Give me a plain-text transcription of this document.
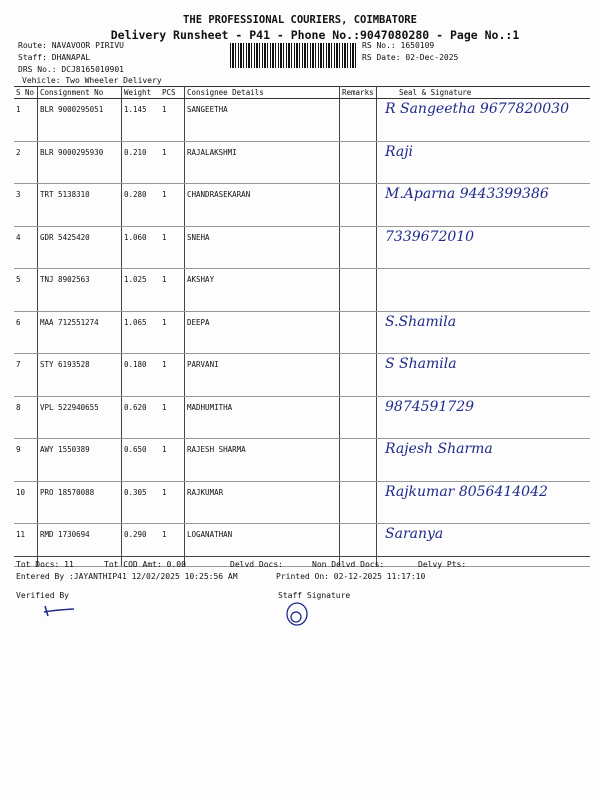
THE PROFESSIONAL COURIERS, COIMBATORE
Delivery Runsheet - P41 - Phone No.:9047080280 - Page No.:1
Route: NAVAVOOR PIRIVU
Staff: DHANAPAL
DRS No.: DCJ8165010901
Vehicle: Two Wheeler Delivery
RS No.: 1650109
RS Date: 02-Dec-2025
S No	Consignment No	Weight	PCS	Consignee Details	Remarks	Seal & Signature
1	BLR 9000295051	1.145	1	SANGEETHA		R Sangeetha 9677820030

2	BLR 9000295930	0.210	1	RAJALAKSHMI		Raji

3	TRT 5138310	0.280	1	CHANDRASEKARAN		M.Aparna 9443399386

4	GDR 5425420	1.060	1	SNEHA		7339672010

5	TNJ 8902563	1.025	1	AKSHAY		

6	MAA 712551274	1.065	1	DEEPA		S.Shamila

7	STY 6193528	0.180	1	PARVANI		S Shamila

8	VPL 522940655	0.620	1	MADHUMITHA		9874591729

9	AWY 1550389	0.650	1	RAJESH SHARMA		Rajesh Sharma

10	PRO 18570088	0.305	1	RAJKUMAR		Rajkumar 8056414042

11	RMD 1730694	0.290	1	LOGANATHAN		Saranya
Tot Docs: 11	Tot COD Amt: 0.00	Delvd Docs:	Non Delvd Docs:	Delvy Pts:
Entered By :JAYANTHIP41 12/02/2025 10:25:56 AM	Printed On: 02-12-2025 11:17:10
Verified By	Staff Signature
